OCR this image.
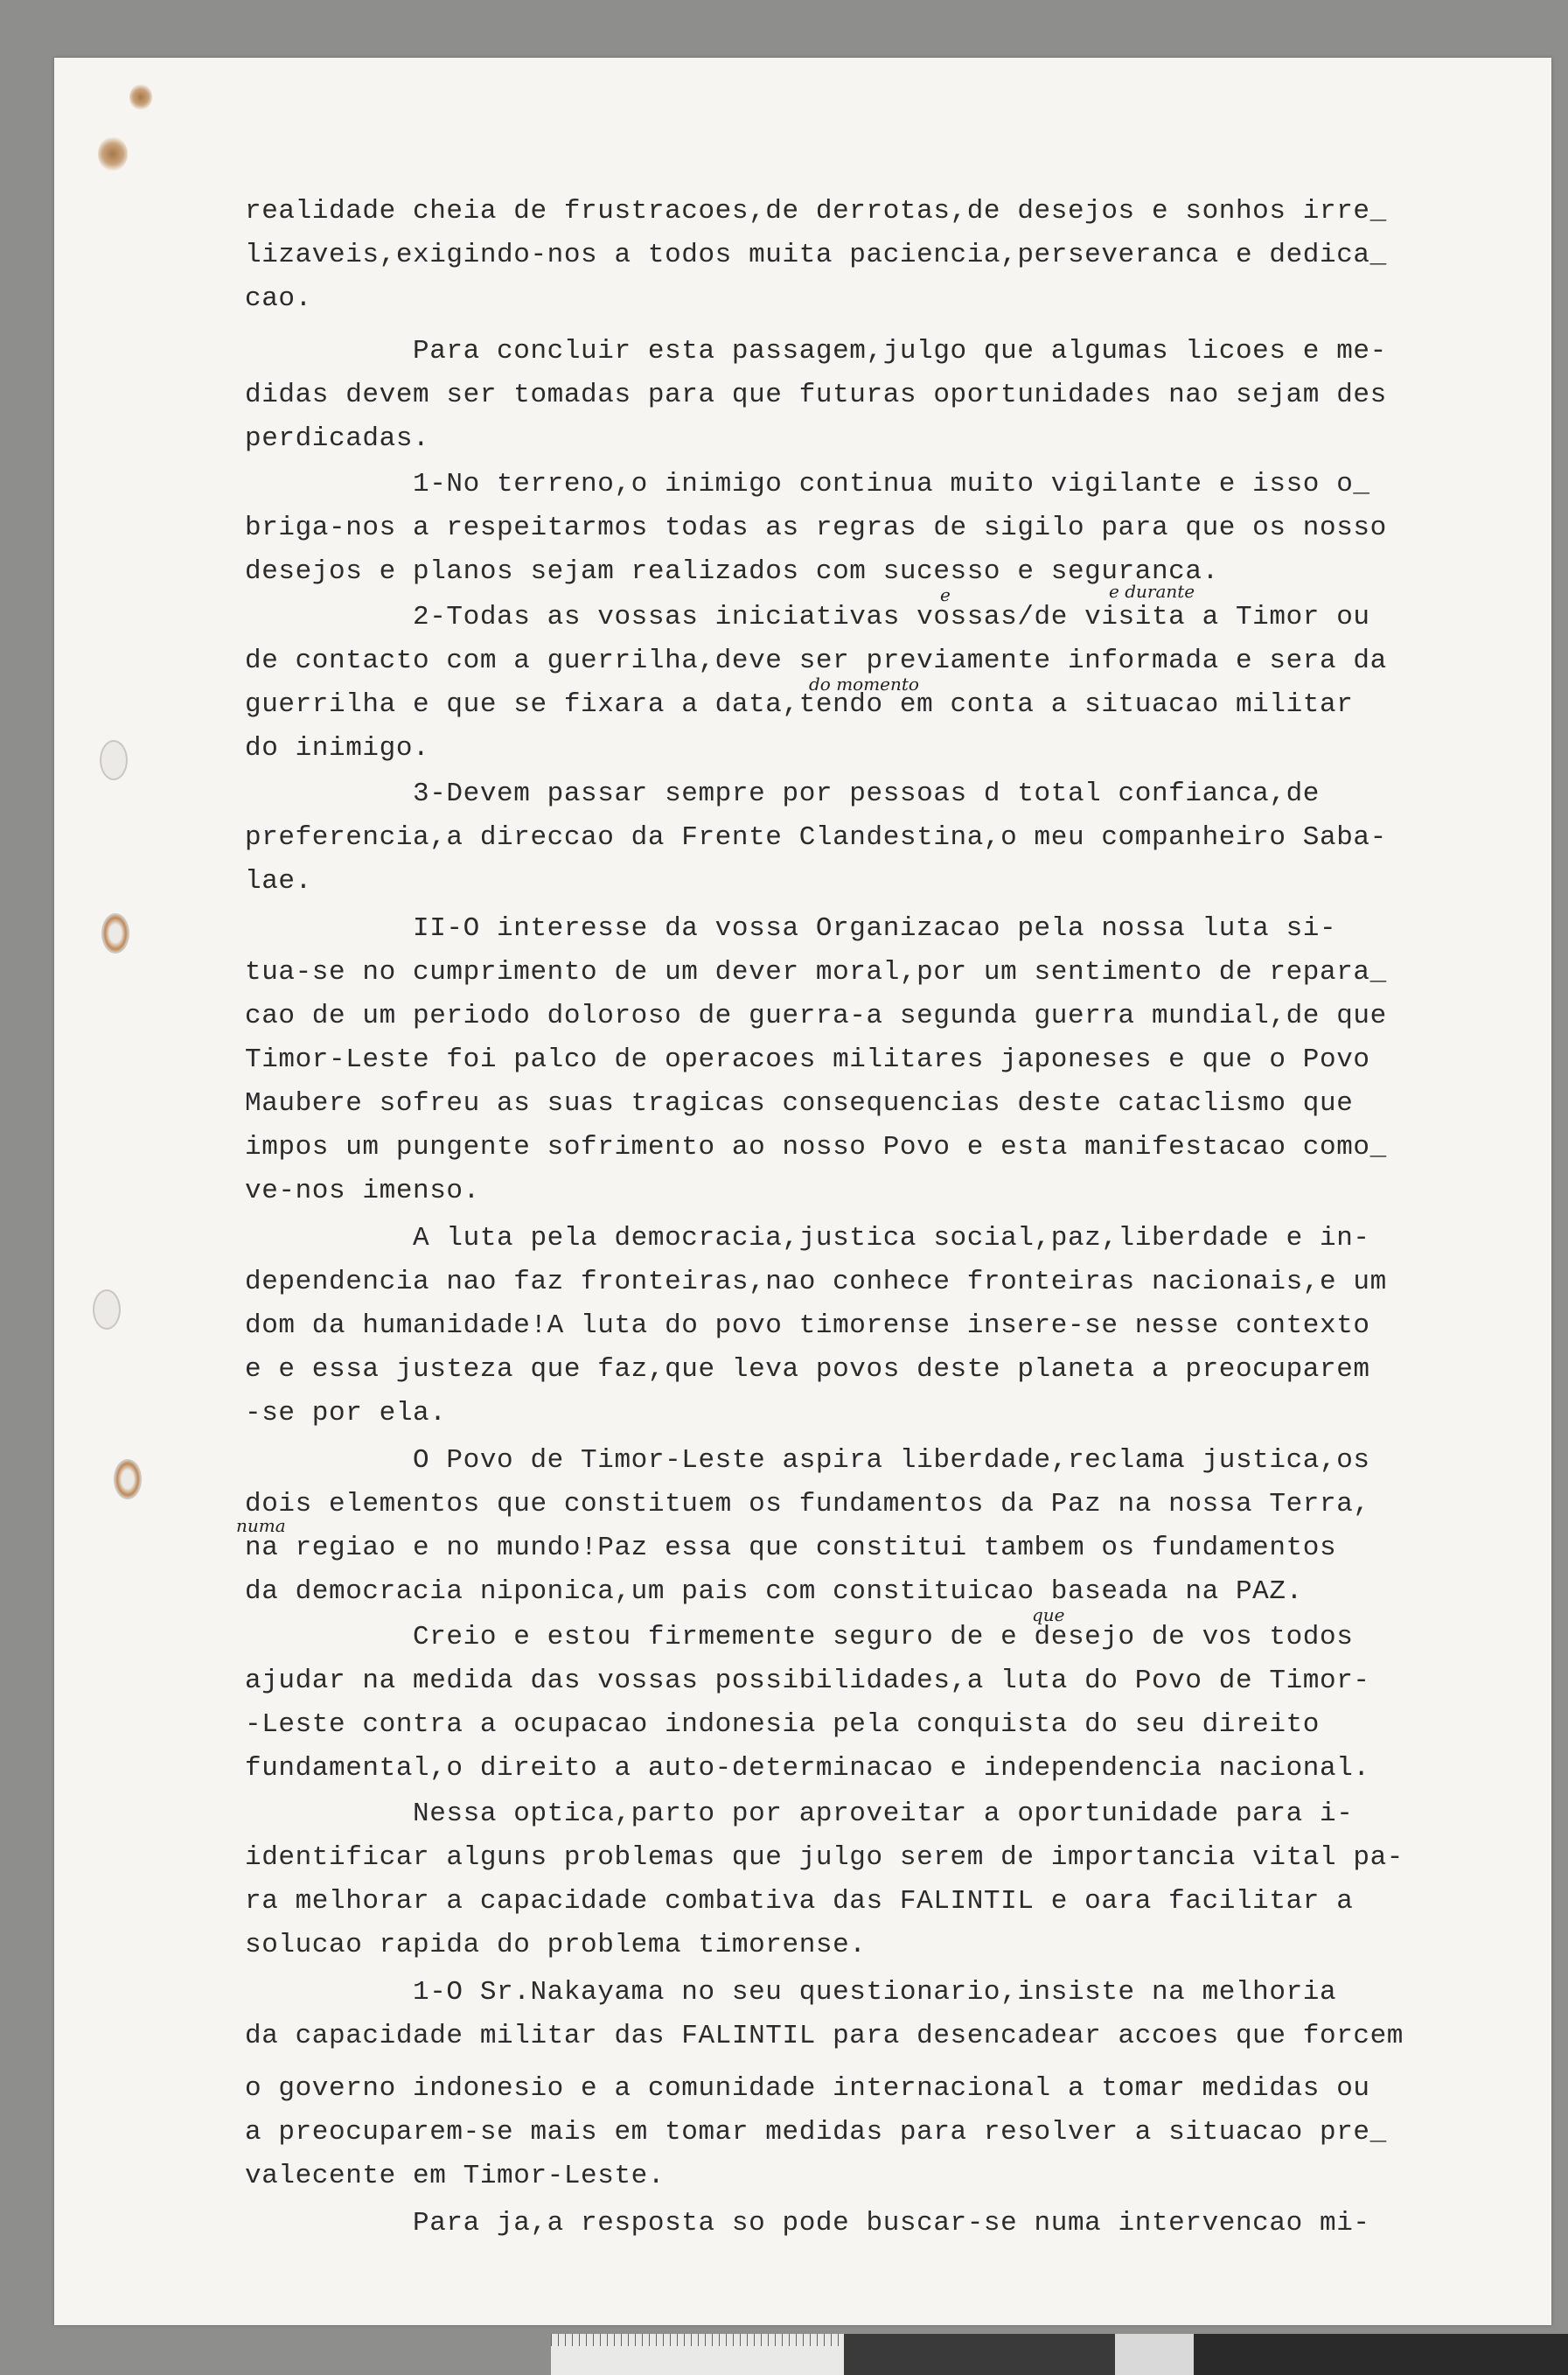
realidade cheia de frustracoes,de derrotas,de desejos e sonhos irre_
lizaveis,exigindo-nos a todos muita paciencia,perseveranca e dedica_
cao.
Para concluir esta passagem,julgo que algumas licoes e me-
didas devem ser tomadas para que futuras oportunidades nao sejam des
perdicadas.
1-No terreno,o inimigo continua muito vigilante e isso o_
briga-nos a respeitarmos todas as regras de sigilo para que os nosso
desejos e planos sejam realizados com sucesso e seguranca.
2-Todas as vossas iniciativas vossas/de visita a Timor ou
de contacto com a guerrilha,deve ser previamente informada e sera da
guerrilha e que se fixara a data,tendo em conta a situacao militar
do inimigo.
3-Devem passar sempre por pessoas d total confianca,de
preferencia,a direccao da Frente Clandestina,o meu companheiro Saba-
lae.
II-O interesse da vossa Organizacao pela nossa luta si-
tua-se no cumprimento de um dever moral,por um sentimento de repara_
cao de um periodo doloroso de guerra-a segunda guerra mundial,de que
Timor-Leste foi palco de operacoes militares japoneses e que o Povo
Maubere sofreu as suas tragicas consequencias deste cataclismo que
impos um pungente sofrimento ao nosso Povo e esta manifestacao como_
ve-nos imenso.
A luta pela democracia,justica social,paz,liberdade e in-
dependencia nao faz fronteiras,nao conhece fronteiras nacionais,e um
dom da humanidade!A luta do povo timorense insere-se nesse contexto
e e essa justeza que faz,que leva povos deste planeta a preocuparem
-se por ela.
O Povo de Timor-Leste aspira liberdade,reclama justica,os
dois elementos que constituem os fundamentos da Paz na nossa Terra,
na regiao e no mundo!Paz essa que constitui tambem os fundamentos
da democracia niponica,um pais com constituicao baseada na PAZ.
Creio e estou firmemente seguro de e desejo de vos todos
ajudar na medida das vossas possibilidades,a luta do Povo de Timor-
-Leste contra a ocupacao indonesia pela conquista do seu direito
fundamental,o direito a auto-determinacao e independencia nacional.
Nessa optica,parto por aproveitar a oportunidade para i-
identificar alguns problemas que julgo serem de importancia vital pa-
ra melhorar a capacidade combativa das FALINTIL e oara facilitar a
solucao rapida do problema timorense.
1-O Sr.Nakayama no seu questionario,insiste na melhoria
da capacidade militar das FALINTIL para desencadear accoes que forcem
o governo indonesio e a comunidade internacional a tomar medidas ou
a preocuparem-se mais em tomar medidas para resolver a situacao pre_
valecente em Timor-Leste.
Para ja,a resposta so pode buscar-se numa intervencao mi-
e	e durante
do momento
numa
que
